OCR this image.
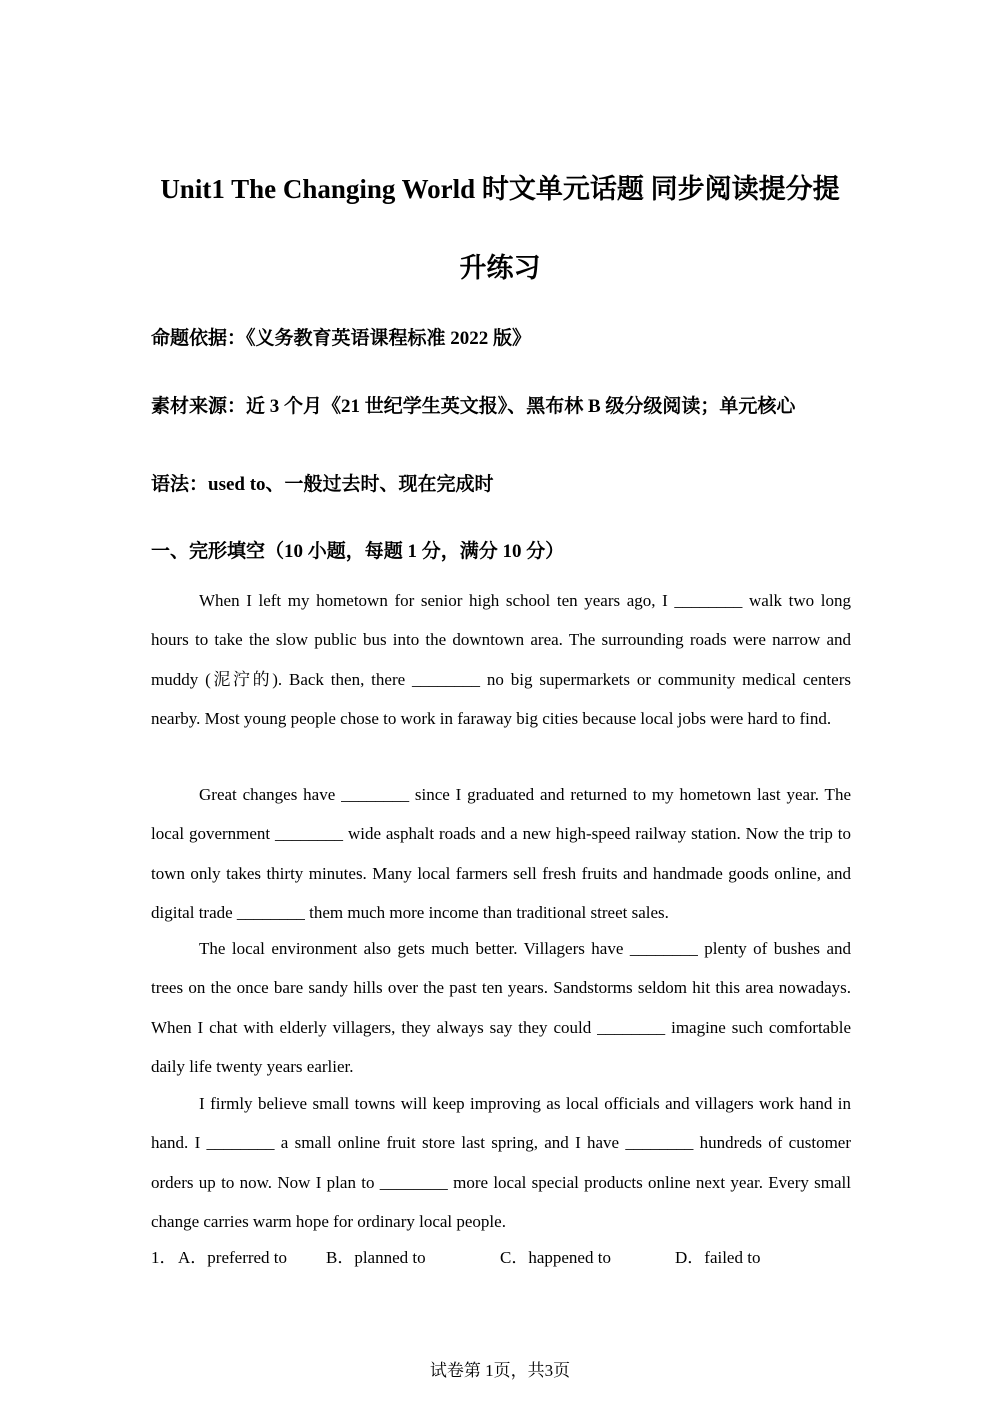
Unit1 The Changing World 时文单元话题 同步阅读提分提
升练习

命题依据：《义务教育英语课程标准 2022 版》

素材来源：近 3 个月《21 世纪学生英文报》、黑布林 B 级分级阅读；单元核心

语法：used to、一般过去时、现在完成时

一、完形填空（10 小题，每题 1 分，满分 10 分）

When I left my hometown for senior high school ten years ago, I ________ walk two long hours to take the slow public bus into the downtown area. The surrounding roads were narrow and muddy (泥泞的). Back then, there ________ no big supermarkets or community medical centers nearby. Most young people chose to work in faraway big cities because local jobs were hard to find.

Great changes have ________ since I graduated and returned to my hometown last year. The local government ________ wide asphalt roads and a new high-speed railway station. Now the trip to town only takes thirty minutes. Many local farmers sell fresh fruits and handmade goods online, and digital trade ________ them much more income than traditional street sales.

The local environment also gets much better. Villagers have ________ plenty of bushes and trees on the once bare sandy hills over the past ten years. Sandstorms seldom hit this area nowadays. When I chat with elderly villagers, they always say they could ________ imagine such comfortable daily life twenty years earlier.

I firmly believe small towns will keep improving as local officials and villagers work hand in hand. I ________ a small online fruit store last spring, and I have ________ hundreds of customer orders up to now. Now I plan to ________ more local special products online next year. Every small change carries warm hope for ordinary local people.

1． A．preferred to B．planned to	C．happened to	D．failed to
试卷第 1页，共3页
